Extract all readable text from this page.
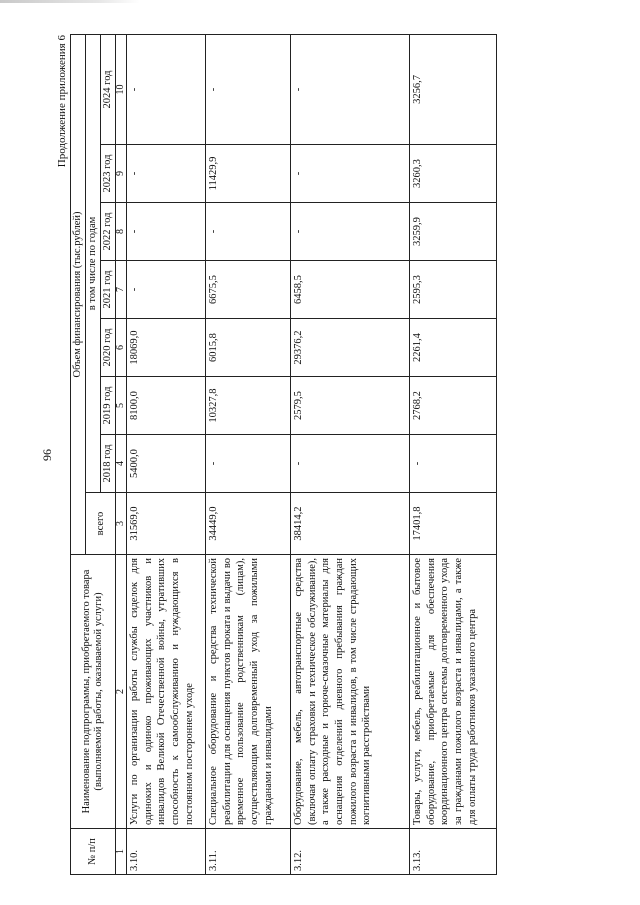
96
Продолжение приложения 6
№ п/п	Наименование подпрограммы, приобретаемого товара (выполняемой работы, оказываемой услуги)	Объем финансирования (тыс.рублей)							
		всего	в том числе по годам						
			2018 год	2019 год	2020 год	2021 год	2022 год	2023 год	2024 год
1	2	3	4	5	6	7	8	9	10
3.10.	Услуги по организации работы службы сиделок для одиноких и одиноко проживающих участников и инвалидов Великой Отечественной войны, утративших способность к самообслуживанию и нуждающихся в постоянном постороннем уходе	31569,0	5400,0	8100,0	18069,0	-	-	-	-
3.11.	Специальное оборудование и средства технической реабилитации для оснащения пунктов проката и выдачи во временное пользование родственникам (лицам), осуществляющим долговременный уход за пожилыми гражданами и инвалидами	34449,0	-	10327,8	6015,8	6675,5	-	11429,9	-
3.12.	Оборудование, мебель, автотранспортные средства (включая оплату страховки и техническое обслуживание), а также расходные и горюче-смазочные материалы для оснащения отделений дневного пребывания граждан пожилого возраста и инвалидов, в том числе страдающих когнитивными расстройствами	38414,2	-	2579,5	29376,2	6458,5	-	-	-
3.13.	Товары, услуги, мебель, реабилитационное и бытовое оборудование, приобретаемые для обеспечения координационного центра системы долговременного ухода за гражданами пожилого возраста и инвалидами, а также для оплаты труда работников указанного центра	17401,8	-	2768,2	2261,4	2595,3	3259,9	3260,3	3256,7
